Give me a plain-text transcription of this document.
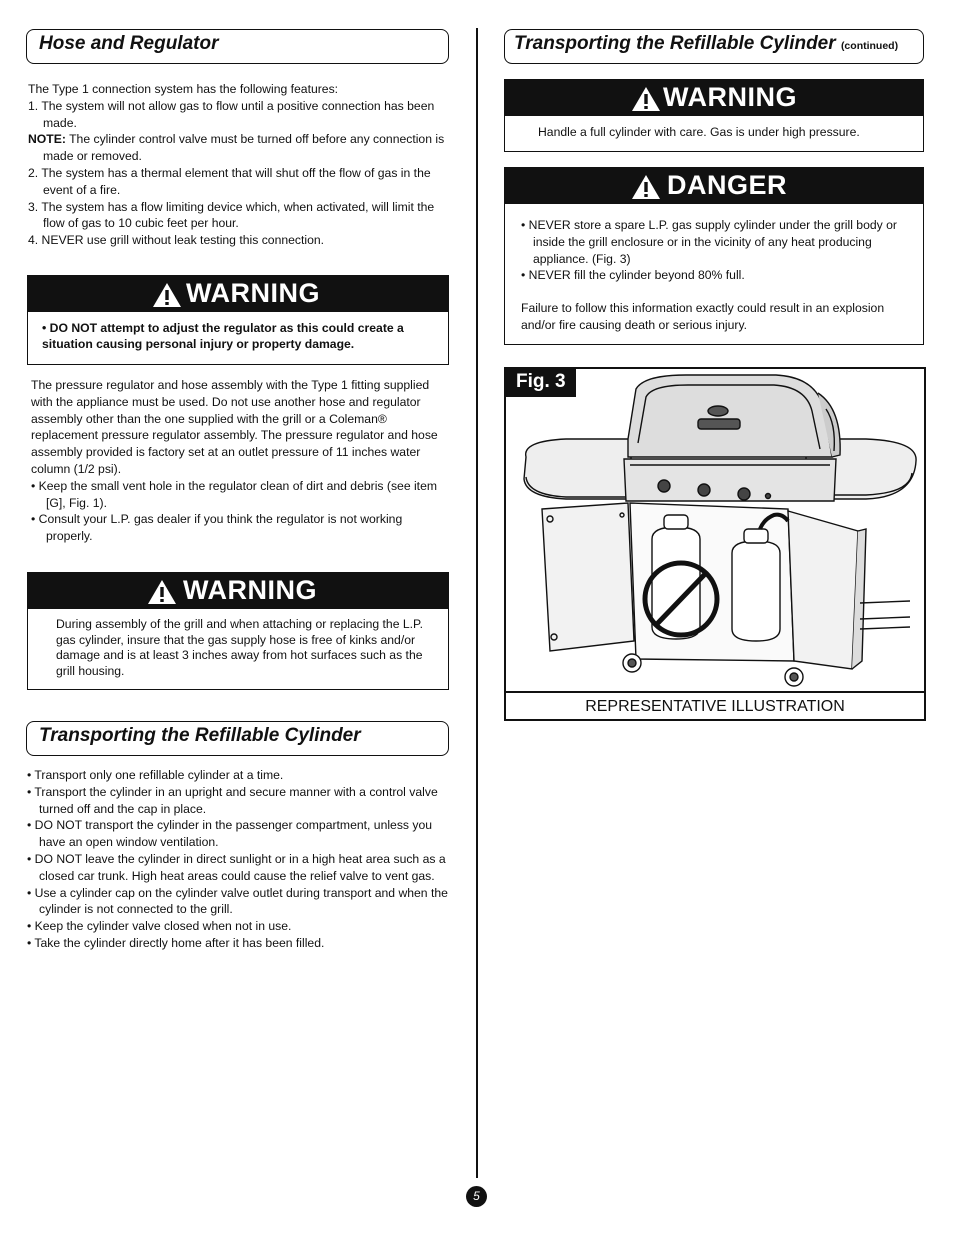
Hose and Regulator

The Type 1 connection system has the following features:

1. The system will not allow gas to flow until a positive connection has been made.

NOTE: The cylinder control valve must be turned off before any connection is made or removed.

2. The system has a thermal element that will shut off the flow of gas in the event of a fire.

3. The system has a flow limiting device which, when activated, will limit the flow of gas to 10 cubic feet per hour.

4. NEVER use grill without leak testing this connection.

WARNING
• DO NOT attempt to adjust the regulator as this could create a situation causing personal injury or property damage.

The pressure regulator and hose assembly with the Type 1 fitting supplied with the appliance must be used. Do not use another hose and regulator assembly other than the one supplied with the grill or a Coleman® replacement pressure regulator assembly. The pressure regulator and hose assembly provided is factory set at an outlet pressure of 11 inches water column (1/2 psi).

• Keep the small vent hole in the regulator clean of dirt and debris (see item [G], Fig. 1).

• Consult your L.P. gas dealer if you think the regulator is not working properly.

WARNING
During assembly of the grill and when attaching or replacing the L.P. gas cylinder, insure that the gas supply hose is free of kinks and/or damage and is at least 3 inches away from hot surfaces such as the grill housing.
Transporting the Refillable Cylinder

• Transport only one refillable cylinder at a time.

• Transport the cylinder in an upright and secure manner with a control valve turned off and the cap in place.

• DO NOT transport the cylinder in the passenger compartment, unless you have an open window ventilation.

• DO NOT leave the cylinder in direct sunlight or in a high heat area such as a closed car trunk. High heat areas could cause the relief valve to vent gas.

• Use a cylinder cap on the cylinder valve outlet during transport and when the cylinder is not connected to the grill.

• Keep the cylinder valve closed when not in use.

• Take the cylinder directly home after it has been filled.

Transporting the Refillable Cylinder (continued)
WARNING
Handle a full cylinder with care. Gas is under high pressure.
DANGER

• NEVER store a spare L.P. gas supply cylinder under the grill body or inside the grill enclosure or in the vicinity of any heat producing appliance. (Fig. 3)

• NEVER fill the cylinder beyond 80% full.

Failure to follow this information exactly could result in an explosion and/or fire causing death or serious injury.

Fig. 3
REPRESENTATIVE ILLUSTRATION
5
